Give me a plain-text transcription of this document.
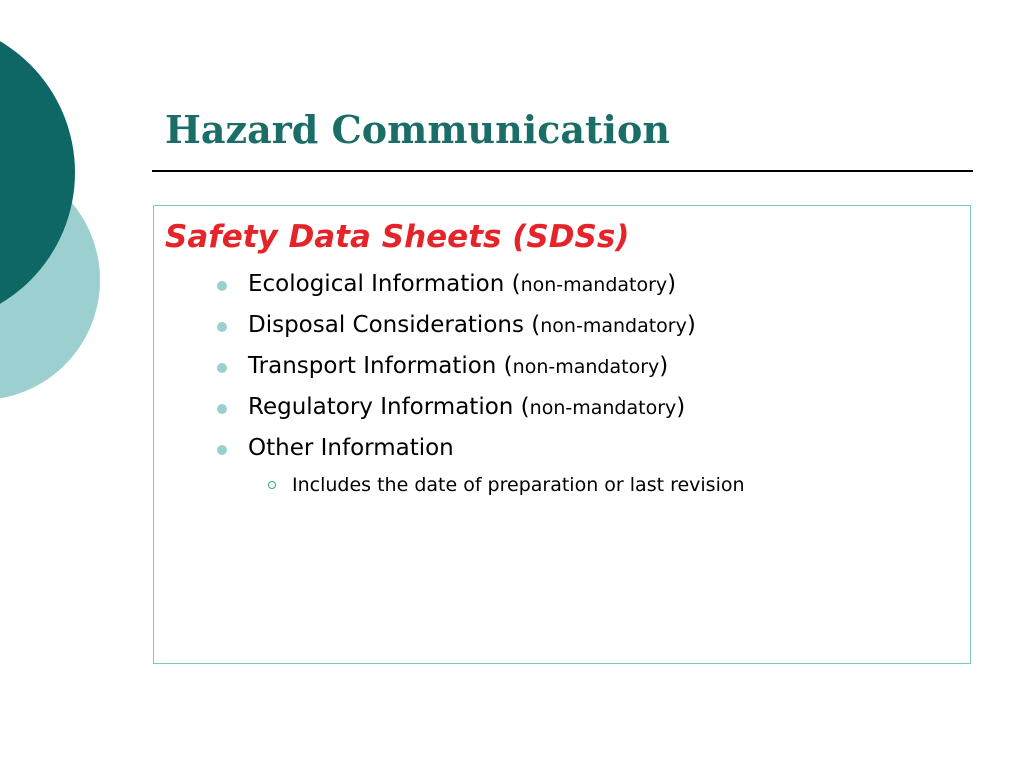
Hazard Communication
Safety Data Sheets (SDSs)
Ecological Information (non-mandatory)
Disposal Considerations (non-mandatory)
Transport Information (non-mandatory)
Regulatory Information (non-mandatory)
Other Information
Includes the date of preparation or last revision
